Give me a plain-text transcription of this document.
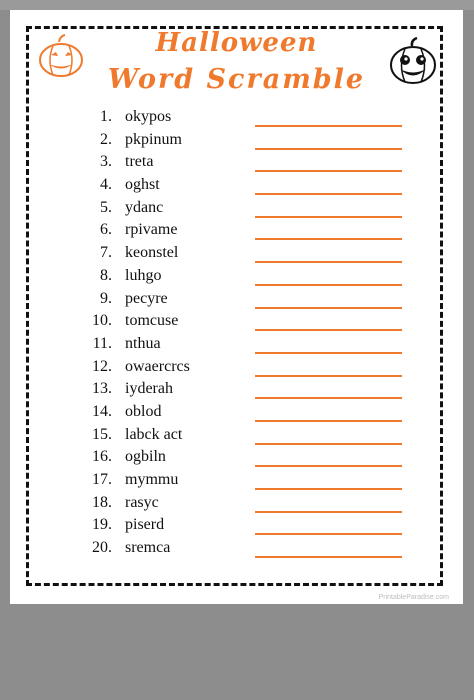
Halloween
Word Scramble
1. okypos
2. pkpinum
3. treta
4. oghst
5. ydanc
6. rpivame
7. keonstel
8. luhgo
9. pecyre
10. tomcuse
11. nthua
12. owaercrcs
13. iyderah
14. oblod
15. labck act
16. ogbiln
17. mymmu
18. rasyc
19. piserd
20. sremca
PrintableParadise.com
